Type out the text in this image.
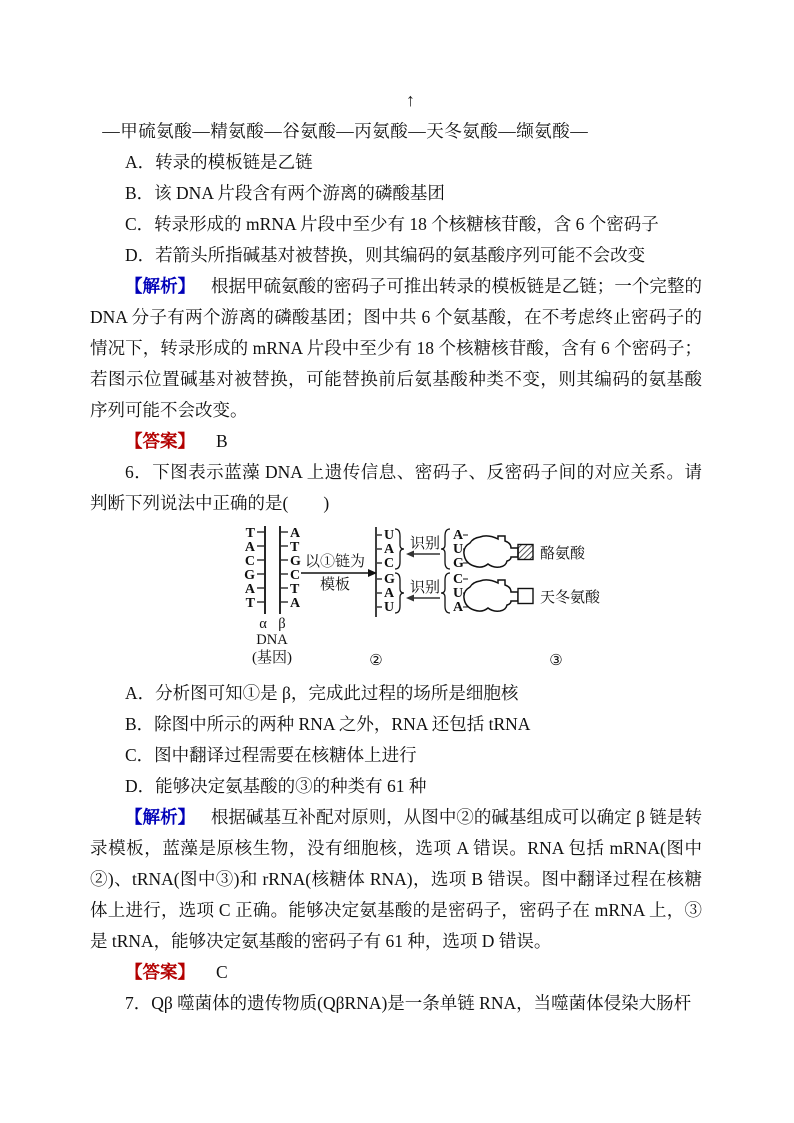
↑

—甲硫氨酸—精氨酸—谷氨酸—丙氨酸—天冬氨酸—缬氨酸—

A．转录的模板链是乙链

B．该 DNA 片段含有两个游离的磷酸基团

C．转录形成的 mRNA 片段中至少有 18 个核糖核苷酸，含 6 个密码子

D．若箭头所指碱基对被替换，则其编码的氨基酸序列可能不会改变

【解析】 根据甲硫氨酸的密码子可推出转录的模板链是乙链；一个完整的 DNA 分子有两个游离的磷酸基团；图中共 6 个氨基酸，在不考虑终止密码子的情况下，转录形成的 mRNA 片段中至少有 18 个核糖核苷酸，含有 6 个密码子；若图示位置碱基对被替换，可能替换前后氨基酸种类不变，则其编码的氨基酸序列可能不会改变。

【答案】 B

6．下图表示蓝藻 DNA 上遗传信息、密码子、反密码子间的对应关系。请判断下列说法中正确的是(　　)

T
A
C
G
A
T
A
T
G
C
T
A
α β
DNA
(基因)
以①链为
模板
U
A
C
G
A
U
②
识别
识别
A
U
G
酪氨酸
C
U
A
天冬氨酸
③

A．分析图可知①是 β，完成此过程的场所是细胞核

B．除图中所示的两种 RNA 之外，RNA 还包括 tRNA

C．图中翻译过程需要在核糖体上进行

D．能够决定氨基酸的③的种类有 61 种

【解析】 根据碱基互补配对原则，从图中②的碱基组成可以确定 β 链是转录模板，蓝藻是原核生物，没有细胞核，选项 A 错误。RNA 包括 mRNA(图中②)、tRNA(图中③)和 rRNA(核糖体 RNA)，选项 B 错误。图中翻译过程在核糖体上进行，选项 C 正确。能够决定氨基酸的是密码子，密码子在 mRNA 上，③是 tRNA，能够决定氨基酸的密码子有 61 种，选项 D 错误。

【答案】 C

7．Qβ 噬菌体的遗传物质(QβRNA)是一条单链 RNA，当噬菌体侵染大肠杆
